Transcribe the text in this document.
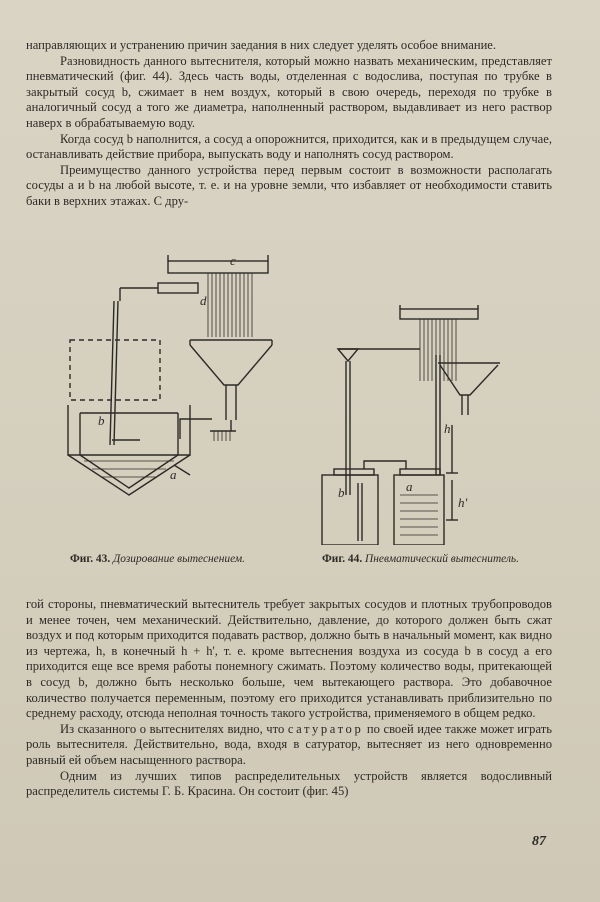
направляющих и устранению причин заедания в них следует уделять особое внимание.

Разновидность данного вытеснителя, который можно назвать механическим, представляет пневматический (фиг. 44). Здесь часть воды, отделенная с водослива, поступая по трубке в закрытый сосуд b, сжимает в нем воздух, который в свою очередь, переходя по трубке в аналогичный сосуд a того же диаметра, наполненный раствором, выдавливает из него раствор наверх в обрабатываемую воду.

Когда сосуд b наполнится, а сосуд a опорожнится, приходится, как и в предыдущем случае, останавливать действие прибора, выпускать воду и наполнять сосуд раствором.

Преимущество данного устройства перед первым состоит в возможности располагать сосуды a и b на любой высоте, т. е. и на уровне земли, что избавляет от необходимости ставить баки в верхних этажах. С дру-

c
d
b
a
h
b	a
h'
Фиг. 43. Дозирование вытеснением.	Фиг. 44. Пневматический вытеснитель.

гой стороны, пневматический вытеснитель требует закрытых сосудов и плотных трубопроводов и менее точен, чем механический. Действительно, давление, до которого должен быть сжат воздух и под которым приходится подавать раствор, должно быть в начальный момент, как видно из чертежа, h, в конечный h + h', т. е. кроме вытеснения воздуха из сосуда b в сосуд a его приходится еще все время работы понемногу сжимать. Поэтому количество воды, притекающей в сосуд b, должно быть несколько больше, чем вытекающего раствора. Это добавочное количество получается переменным, поэтому его приходится устанавливать приблизительно по среднему расходу, отсюда неполная точность такого устройства, применяемого в общем редко.

Из сказанного о вытеснителях видно, что сатуратор по своей идее также может играть роль вытеснителя. Действительно, вода, входя в сатуратор, вытесняет из него одновременно равный ей объем насыщенного раствора.

Одним из лучших типов распределительных устройств является водосливный распределитель системы Г. Б. Красина. Он состоит (фиг. 45)

87
